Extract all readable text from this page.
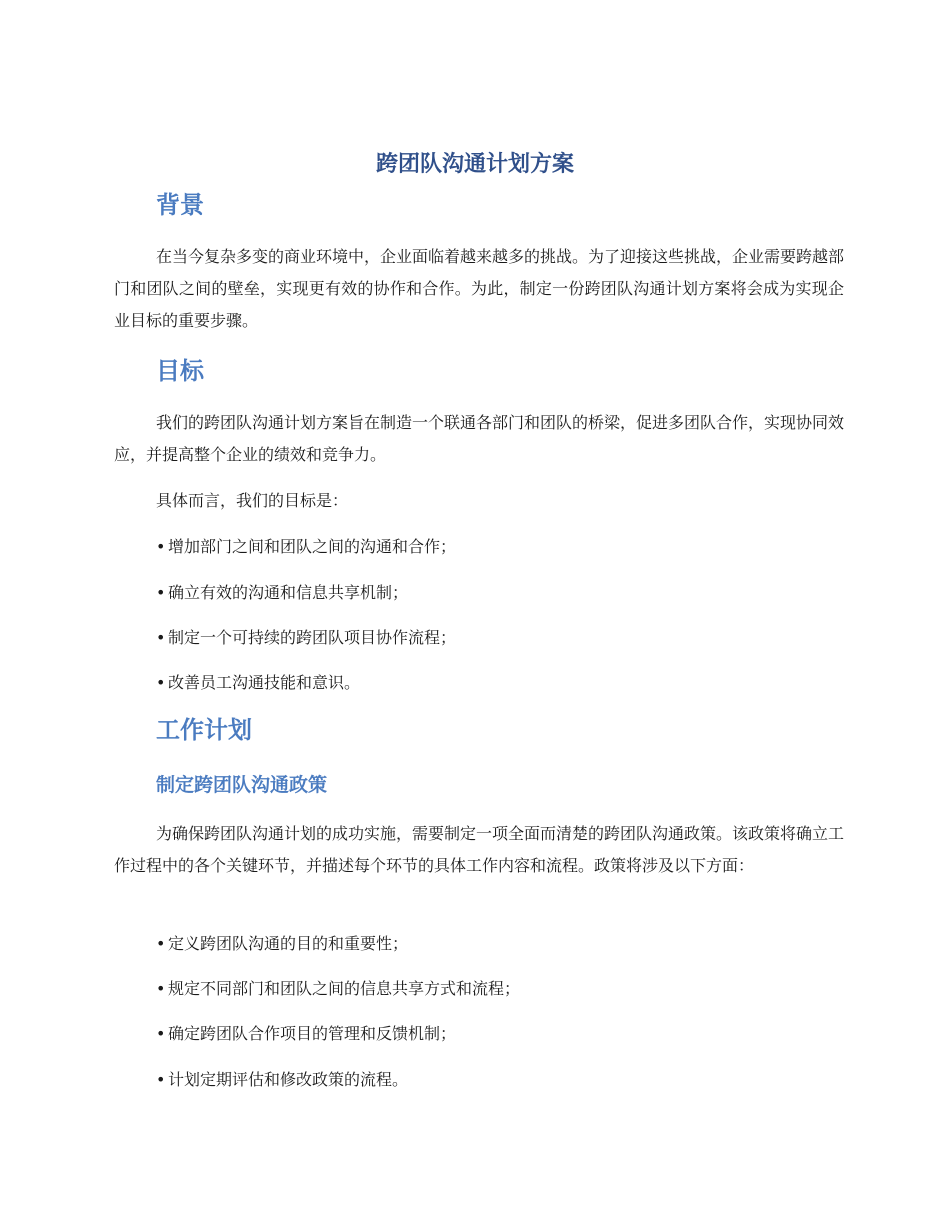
跨团队沟通计划方案
背景
在当今复杂多变的商业环境中，企业面临着越来越多的挑战。为了迎接这些挑战，企业需要跨越部门和团队之间的壁垒，实现更有效的协作和合作。为此，制定一份跨团队沟通计划方案将会成为实现企业目标的重要步骤。
目标
我们的跨团队沟通计划方案旨在制造一个联通各部门和团队的桥梁，促进多团队合作，实现协同效应，并提高整个企业的绩效和竞争力。
具体而言，我们的目标是：
• 增加部门之间和团队之间的沟通和合作；
• 确立有效的沟通和信息共享机制；
• 制定一个可持续的跨团队项目协作流程；
• 改善员工沟通技能和意识。
工作计划
制定跨团队沟通政策
为确保跨团队沟通计划的成功实施，需要制定一项全面而清楚的跨团队沟通政策。该政策将确立工作过程中的各个关键环节，并描述每个环节的具体工作内容和流程。政策将涉及以下方面：
• 定义跨团队沟通的目的和重要性；
• 规定不同部门和团队之间的信息共享方式和流程；
• 确定跨团队合作项目的管理和反馈机制；
• 计划定期评估和修改政策的流程。
